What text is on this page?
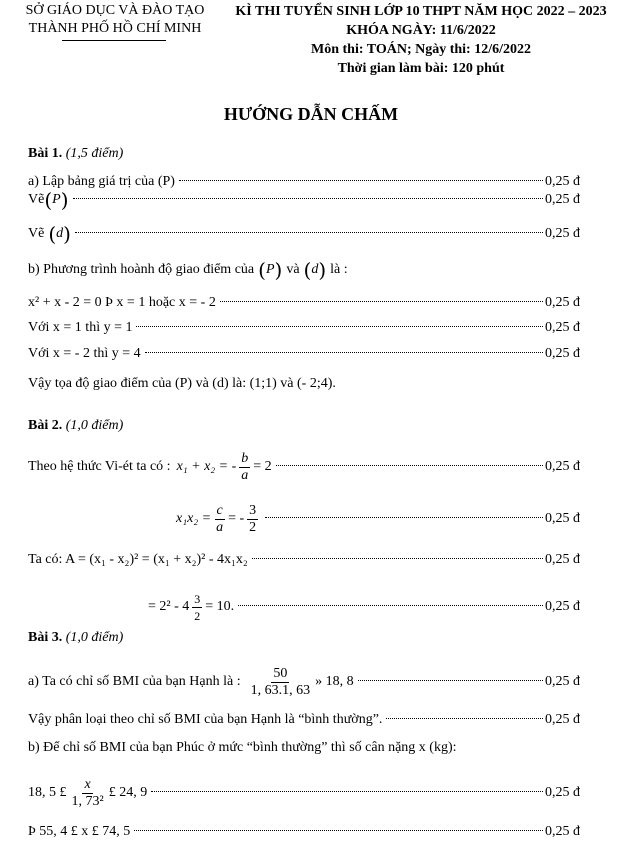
SỞ GIÁO DỤC VÀ ĐÀO TẠO
THÀNH PHỐ HỒ CHÍ MINH
KÌ THI TUYỂN SINH LỚP 10 THPT NĂM HỌC 2022 – 2023
KHÓA NGÀY: 11/6/2022
Môn thi: TOÁN; Ngày thi: 12/6/2022
Thời gian làm bài: 120 phút
HƯỚNG DẪN CHẤM
Bài 1. (1,5 điểm)
a) Lập bảng giá trị của (P)	0,25 đ
Vẽ ( P )	0,25 đ
Vẽ ( d )	0,25 đ
b) Phương trình hoành độ giao điểm của ( P ) và ( d ) là :
x² + x - 2 = 0 Þ x = 1 hoặc x = - 2	0,25 đ
Với x = 1 thì y = 1	0,25 đ
Với x = - 2 thì y = 4	0,25 đ
Vậy tọa độ giao điểm của (P) và (d) là: (1;1) và (- 2;4).
Bài 2. (1,0 điểm)
Theo hệ thức Vi-ét ta có : x₁ + x₂ = - $\frac{b}{a} = 2$	0,25 đ
$x_1x_2 = \frac{c}{a}$ = - $\frac{3}{2}$	0,25 đ
Ta có: A = (x₁ - x₂)² = (x₁ + x₂)² - 4x₁x₂	0,25 đ
= $2^2 - 4 \frac{3}{2} = 10$.	0,25 đ
Bài 3. (1,0 điểm)
a) Ta có chỉ số BMI của bạn Hạnh là : $\frac{50}{1, 63.1, 63}$ » 18, 8	0,25 đ
Vậy phân loại theo chỉ số BMI của bạn Hạnh là “bình thường”.	0,25 đ
b) Để chỉ số BMI của bạn Phúc ở mức “bình thường” thì số cân nặng x (kg):
18, 5 £ $\frac{x}{\text{1, 73²}}$ £ 24, 9	0,25 đ
Þ 55, 4 £ x £ 74, 5	0,25 đ
